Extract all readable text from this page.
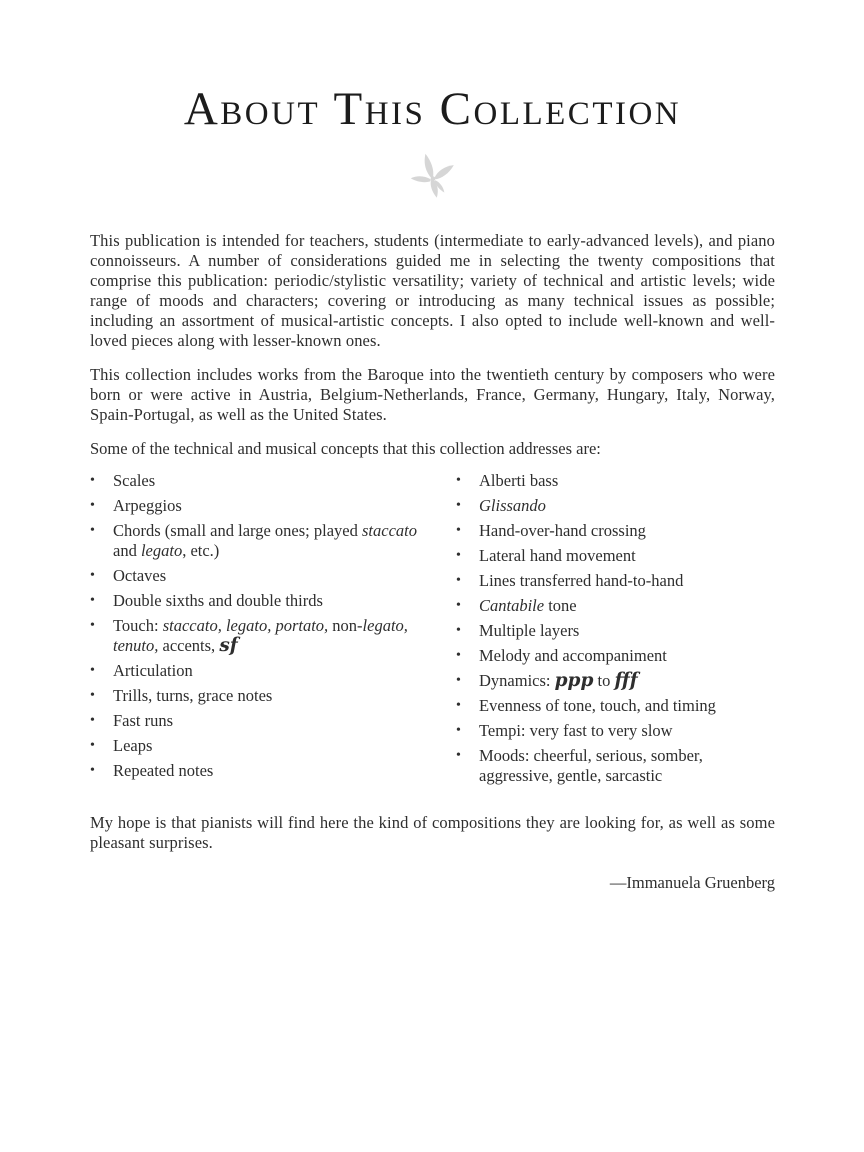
About This Collection

This publication is intended for teachers, students (intermediate to early-advanced levels), and piano connoisseurs. A number of considerations guided me in selecting the twenty compositions that comprise this publication: periodic/stylistic versatility; variety of technical and artistic levels; wide range of moods and characters; covering or introducing as many technical issues as possible; including an assortment of musical-artistic concepts. I also opted to include well-known and well-loved pieces along with lesser-known ones.

This collection includes works from the Baroque into the twentieth century by composers who were born or were active in Austria, Belgium-Netherlands, France, Germany, Hungary, Italy, Norway, Spain-Portugal, as well as the United States.

Some of the technical and musical concepts that this collection addresses are:

•	Scales
•	Arpeggios
•	Chords (small and large ones; played staccato and legato, etc.)
•	Octaves
•	Double sixths and double thirds
•	Touch: staccato, legato, portato, non-legato, tenuto, accents, sf
•	Articulation
•	Trills, turns, grace notes
•	Fast runs
•	Leaps
•	Repeated notes
•	Alberti bass
•	Glissando
•	Hand-over-hand crossing
•	Lateral hand movement
•	Lines transferred hand-to-hand
•	Cantabile tone
•	Multiple layers
•	Melody and accompaniment
•	Dynamics: ppp to fff
•	Evenness of tone, touch, and timing
•	Tempi: very fast to very slow
•	Moods: cheerful, serious, somber, aggressive, gentle, sarcastic

My hope is that pianists will find here the kind of compositions they are looking for, as well as some pleasant surprises.

—Immanuela Gruenberg
